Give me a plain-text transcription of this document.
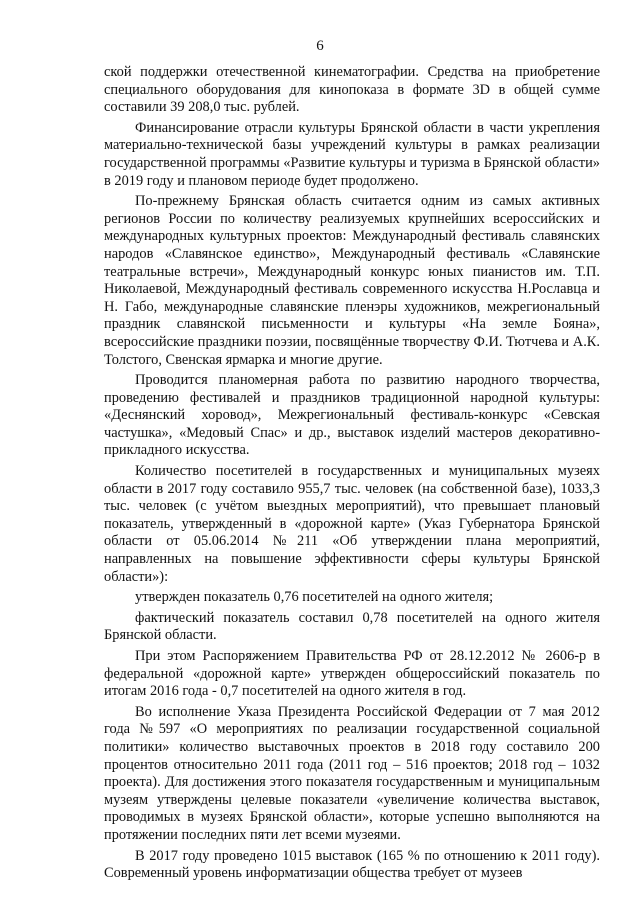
6

ской поддержки отечественной кинематографии. Средства на приобретение специального оборудования для кинопоказа в формате 3D в общей сумме составили 39 208,0 тыс. рублей.

Финансирование отрасли культуры Брянской области в части укрепления материально-технической базы учреждений культуры в рамках реализации государственной программы «Развитие культуры и туризма в Брянской области» в 2019 году и плановом периоде будет продолжено.

По-прежнему Брянская область считается одним из самых активных регионов России по количеству реализуемых крупнейших всероссийских и международных культурных проектов: Международный фестиваль славянских народов «Славянское единство», Международный фестиваль «Славянские театральные встречи», Международный конкурс юных пианистов им. Т.П. Николаевой, Международный фестиваль современного искусства Н.Рославца и Н. Габо, международные славянские пленэры художников, межрегиональный праздник славянской письменности и культуры «На земле Бояна», всероссийские праздники поэзии, посвящённые творчеству Ф.И. Тютчева и А.К. Толстого, Свенская ярмарка и многие другие.

Проводится планомерная работа по развитию народного творчества, проведению фестивалей и праздников традиционной народной культуры: «Деснянский хоровод», Межрегиональный фестиваль-конкурс «Севская частушка», «Медовый Спас» и др., выставок изделий мастеров декоративно-прикладного искусства.

Количество посетителей в государственных и муниципальных музеях области в 2017 году составило 955,7 тыс. человек (на собственной базе), 1033,3 тыс. человек (с учётом выездных мероприятий), что превышает плановый показатель, утвержденный в «дорожной карте» (Указ Губернатора Брянской области от 05.06.2014 №211 «Об утверждении плана мероприятий, направленных на повышение эффективности сферы культуры Брянской области»):

утвержден показатель 0,76 посетителей на одного жителя;

фактический показатель составил 0,78 посетителей на одного жителя Брянской области.

При этом Распоряжением Правительства РФ от 28.12.2012 № 2606-р в федеральной «дорожной карте» утвержден общероссийский показатель по итогам 2016 года - 0,7 посетителей на одного жителя в год.

Во исполнение Указа Президента Российской Федерации от 7 мая 2012 года №597 «О мероприятиях по реализации государственной социальной политики» количество выставочных проектов в 2018 году составило 200 процентов относительно 2011 года (2011 год – 516 проектов; 2018 год – 1032 проекта). Для достижения этого показателя государственным и муниципальным музеям утверждены целевые показатели «увеличение количества выставок, проводимых в музеях Брянской области», которые успешно выполняются на протяжении последних пяти лет всеми музеями.

В 2017 году проведено 1015 выставок (165 % по отношению к 2011 году). Современный уровень информатизации общества требует от музеев
